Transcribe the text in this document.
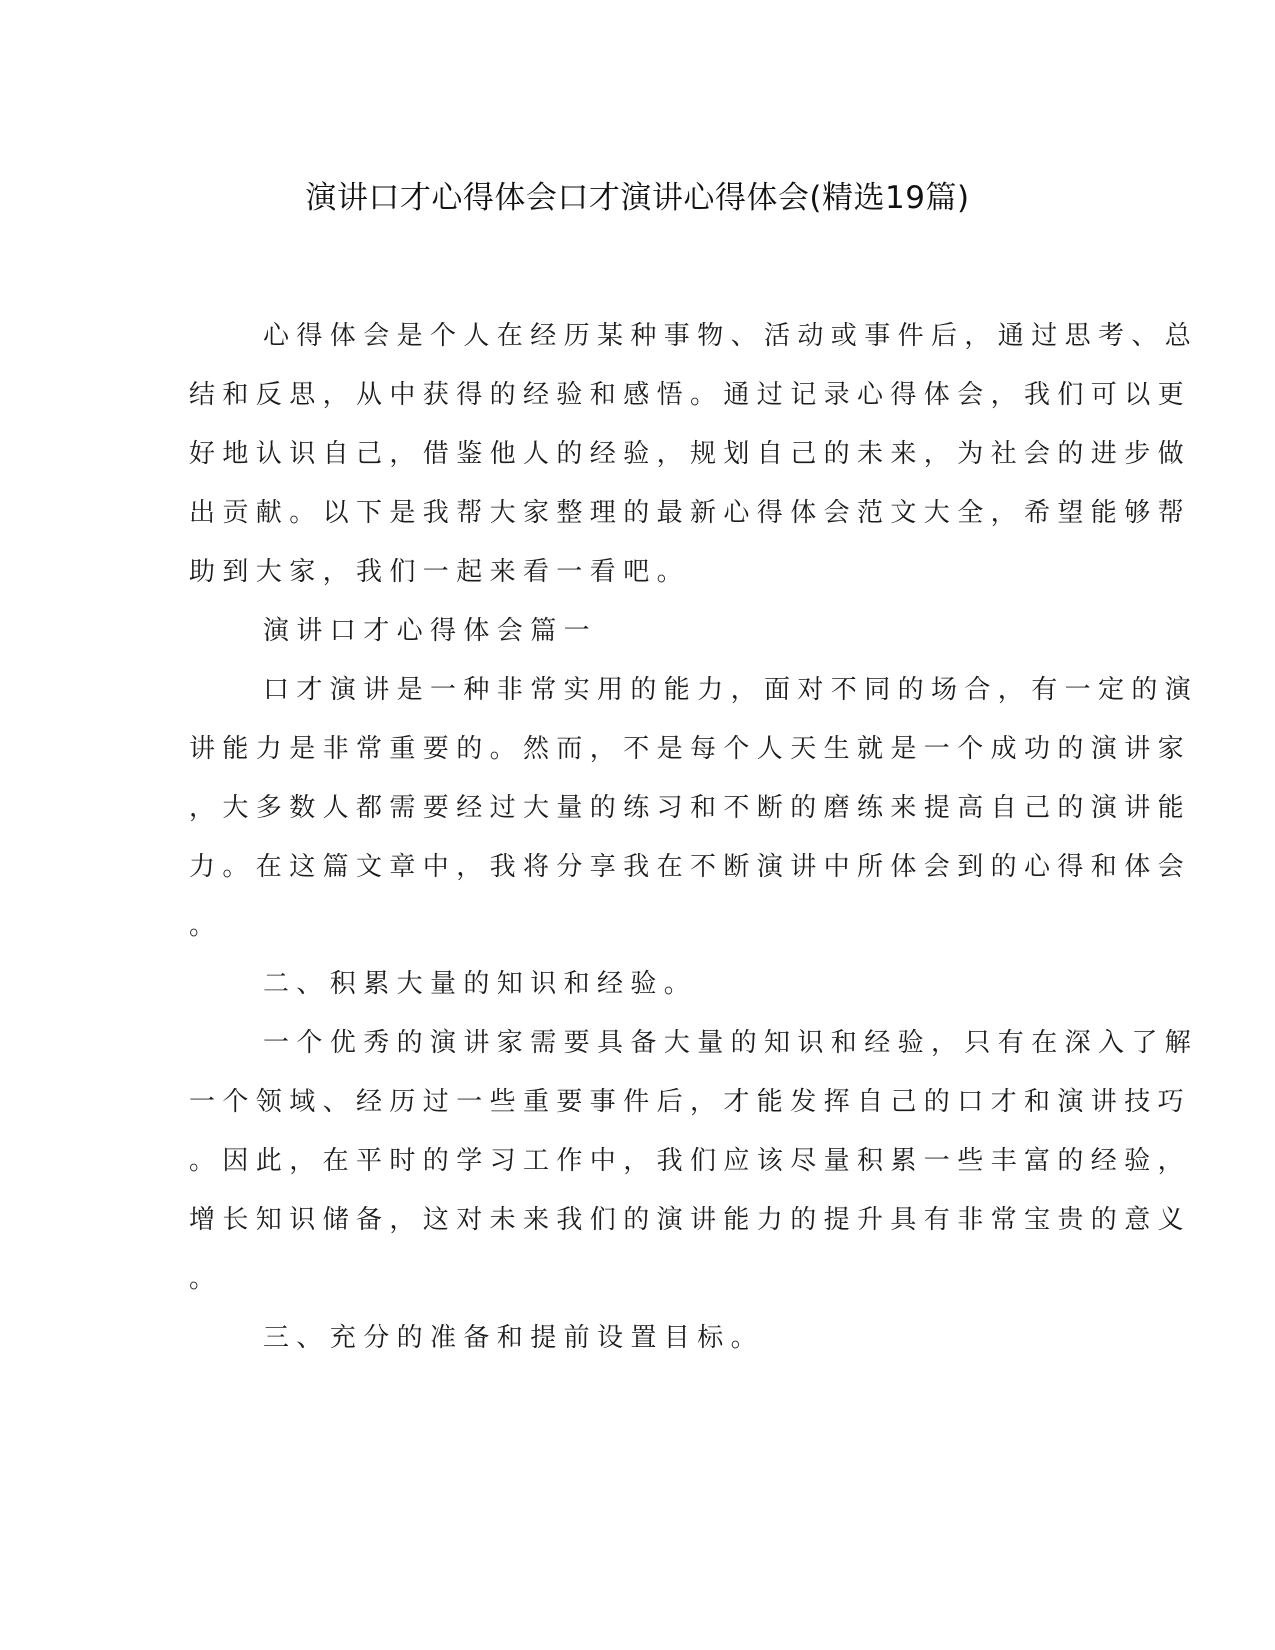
演讲口才心得体会口才演讲心得体会(精选19篇)
心得体会是个人在经历某种事物、活动或事件后，通过思考、总
结和反思，从中获得的经验和感悟。通过记录心得体会，我们可以更
好地认识自己，借鉴他人的经验，规划自己的未来，为社会的进步做
出贡献。以下是我帮大家整理的最新心得体会范文大全，希望能够帮
助到大家，我们一起来看一看吧。
演讲口才心得体会篇一
口才演讲是一种非常实用的能力，面对不同的场合，有一定的演
讲能力是非常重要的。然而，不是每个人天生就是一个成功的演讲家
，大多数人都需要经过大量的练习和不断的磨练来提高自己的演讲能
力。在这篇文章中，我将分享我在不断演讲中所体会到的心得和体会
。
二、积累大量的知识和经验。
一个优秀的演讲家需要具备大量的知识和经验，只有在深入了解
一个领域、经历过一些重要事件后，才能发挥自己的口才和演讲技巧
。因此，在平时的学习工作中，我们应该尽量积累一些丰富的经验，
增长知识储备，这对未来我们的演讲能力的提升具有非常宝贵的意义
。
三、充分的准备和提前设置目标。
